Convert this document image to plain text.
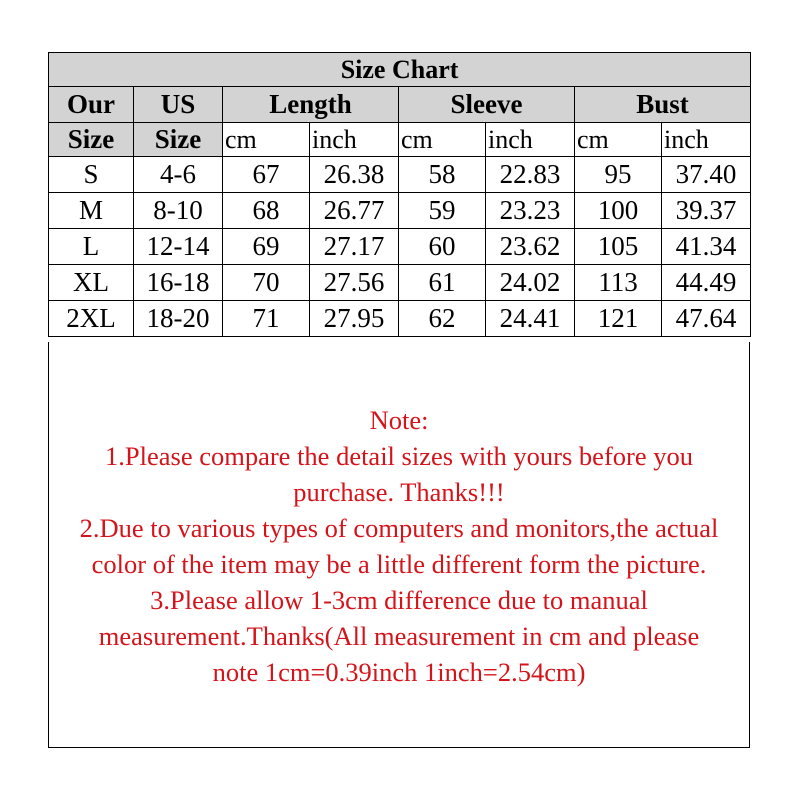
Size Chart							
Our	US	Length		Sleeve		Bust	
Size	Size	cm	inch	cm	inch	cm	inch
S	4-6	67	26.38	58	22.83	95	37.40
M	8-10	68	26.77	59	23.23	100	39.37
L	12-14	69	27.17	60	23.62	105	41.34
XL	16-18	70	27.56	61	24.02	113	44.49
2XL	18-20	71	27.95	62	24.41	121	47.64
Note:
1.Please compare the detail sizes with yours before you
purchase. Thanks!!!
2.Due to various types of computers and monitors,the actual
color of the item may be a little different form the picture.
3.Please allow 1-3cm difference due to manual
measurement.Thanks(All measurement in cm and please
note 1cm=0.39inch 1inch=2.54cm)
